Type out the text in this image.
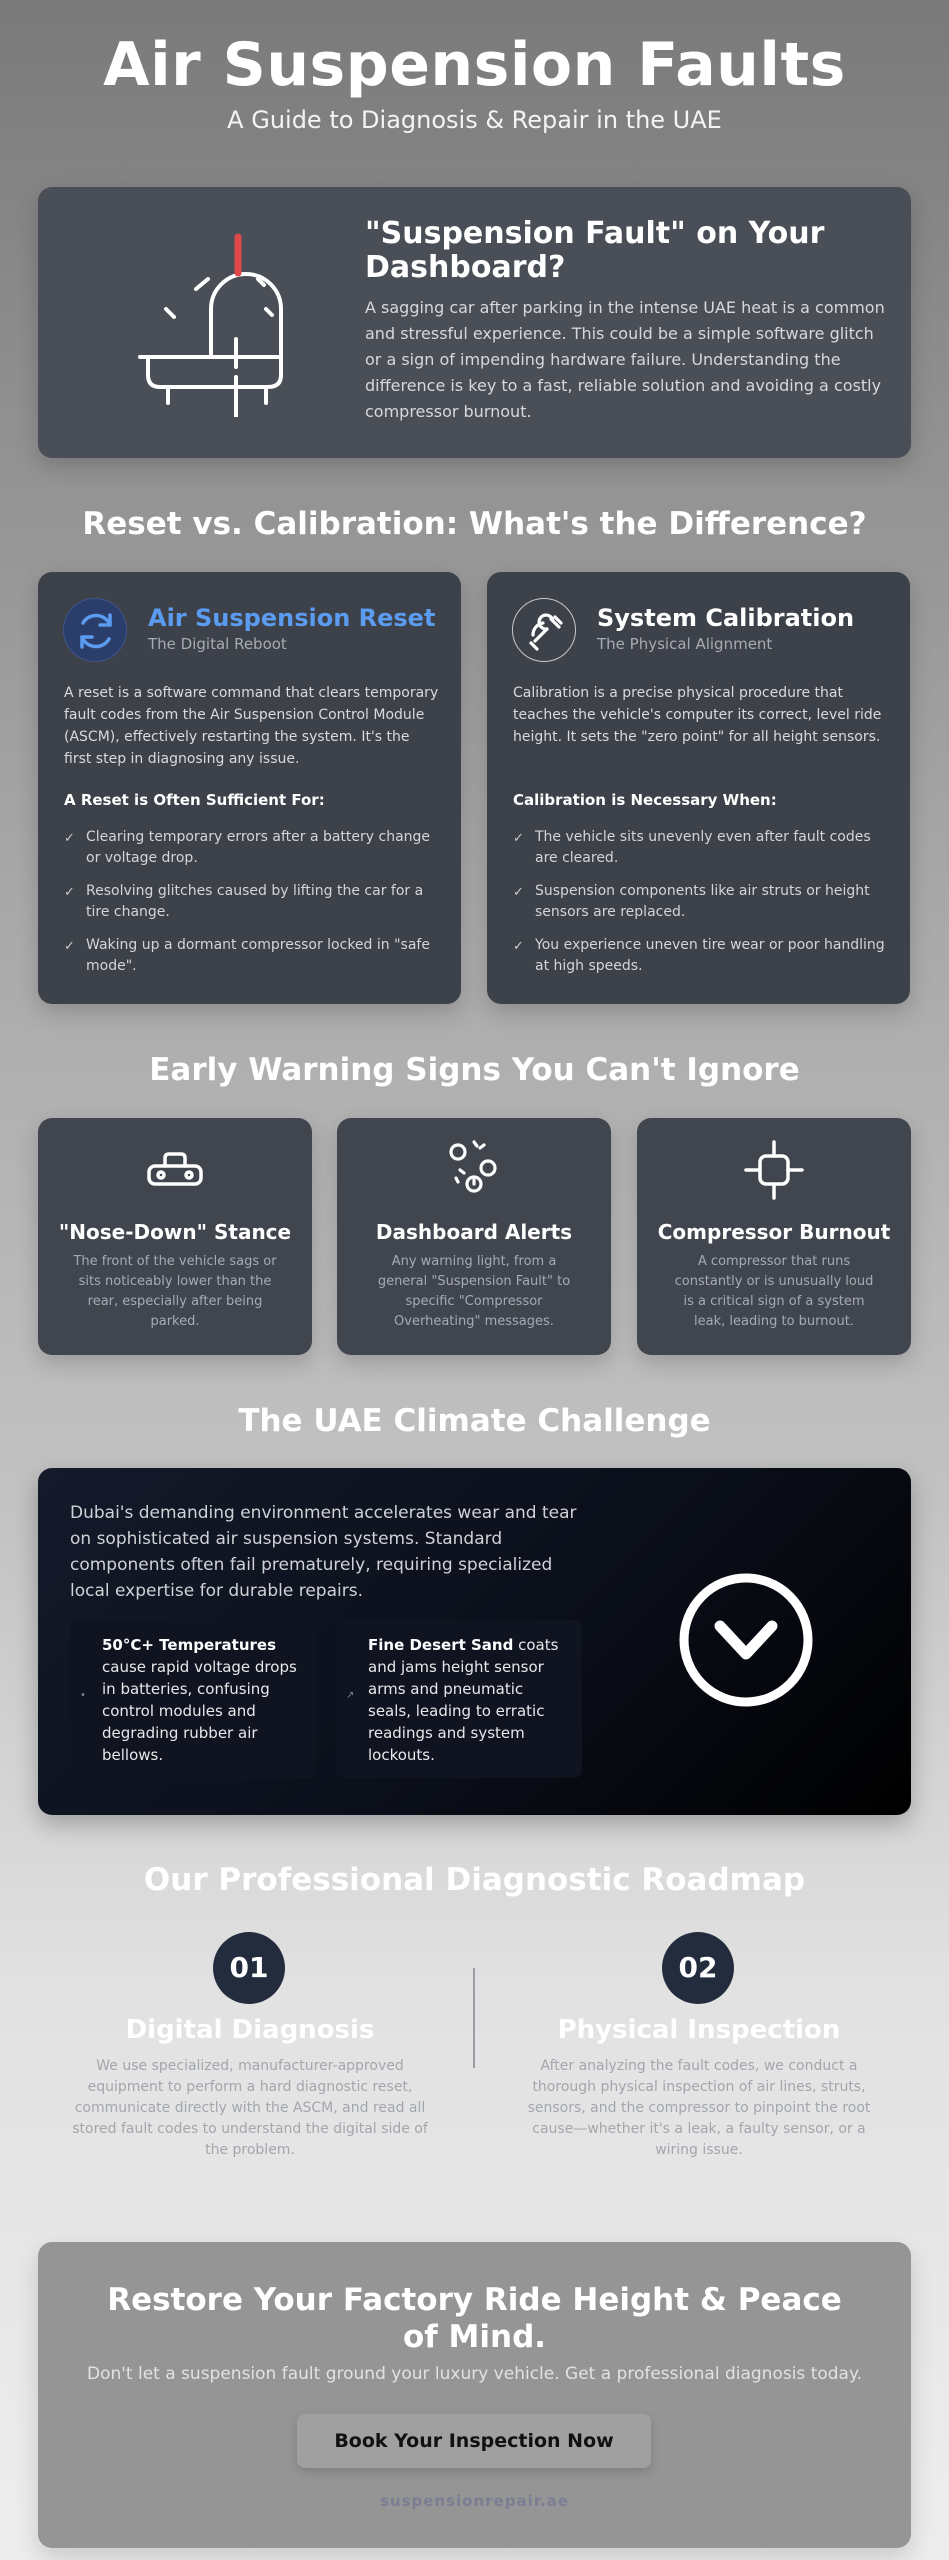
Air Suspension Faults
A Guide to Diagnosis & Repair in the UAE
"Suspension Fault" on Your Dashboard?

A sagging car after parking in the intense UAE heat is a common and stressful experience. This could be a simple software glitch or a sign of impending hardware failure. Understanding the difference is key to a fast, reliable solution and avoiding a costly compressor burnout.

Reset vs. Calibration: What's the Difference?
Air Suspension Reset
The Digital Reboot

A reset is a software command that clears temporary fault codes from the Air Suspension Control Module (ASCM), effectively restarting the system. It's the first step in diagnosing any issue.

A Reset is Often Sufficient For:
✓ Clearing temporary errors after a battery change or voltage drop.
✓ Resolving glitches caused by lifting the car for a tire change.
✓ Waking up a dormant compressor locked in "safe mode".
System Calibration
The Physical Alignment

Calibration is a precise physical procedure that teaches the vehicle's computer its correct, level ride height. It sets the "zero point" for all height sensors.

Calibration is Necessary When:
✓ The vehicle sits unevenly even after fault codes are cleared.
✓ Suspension components like air struts or height sensors are replaced.
✓ You experience uneven tire wear or poor handling at high speeds.
Early Warning Signs You Can't Ignore
"Nose-Down" Stance
The front of the vehicle sags or sits noticeably lower than the rear, especially after being parked.
Dashboard Alerts
Any warning light, from a general "Suspension Fault" to specific "Compressor Overheating" messages.
Compressor Burnout
A compressor that runs constantly or is unusually loud is a critical sign of a system leak, leading to burnout.
The UAE Climate Challenge

Dubai's demanding environment accelerates wear and tear on sophisticated air suspension systems. Standard components often fail prematurely, requiring specialized local expertise for durable repairs.

•

50°C+ Temperatures cause rapid voltage drops in batteries, confusing control modules and degrading rubber air bellows.

↗

Fine Desert Sand coats and jams height sensor arms and pneumatic seals, leading to erratic readings and system lockouts.

Our Professional Diagnostic Roadmap
01
Digital Diagnosis
We use specialized, manufacturer-approved equipment to perform a hard diagnostic reset, communicate directly with the ASCM, and read all stored fault codes to understand the digital side of the problem.
02
Physical Inspection
After analyzing the fault codes, we conduct a thorough physical inspection of air lines, struts, sensors, and the compressor to pinpoint the root cause—whether it's a leak, a faulty sensor, or a wiring issue.
Restore Your Factory Ride Height & Peace of Mind.

Don't let a suspension fault ground your luxury vehicle. Get a professional diagnosis today.

Book Your Inspection Now
suspensionrepair.ae
